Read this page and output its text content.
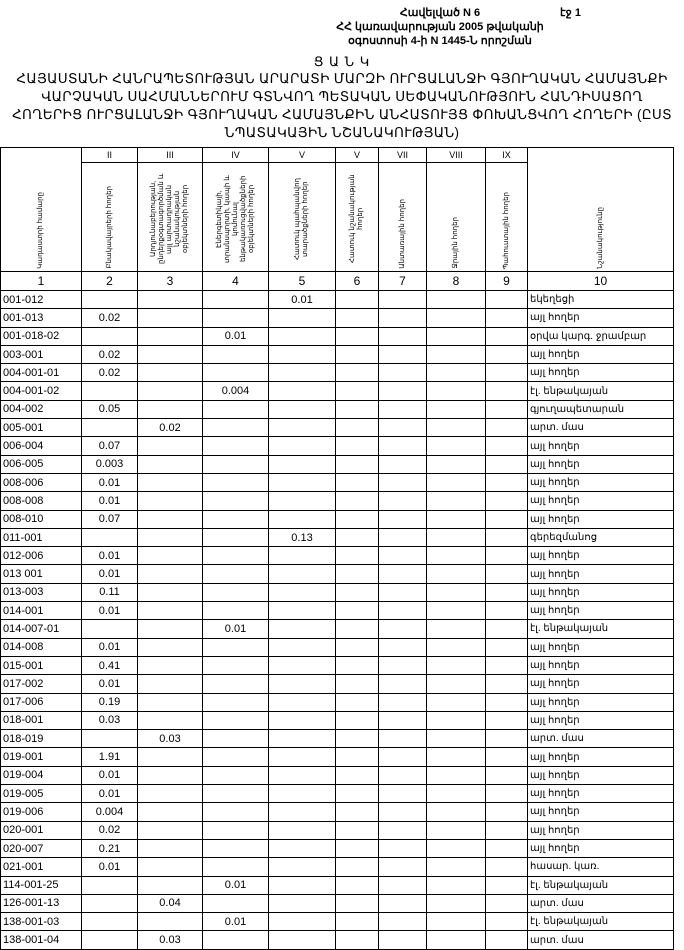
Հավելված N 6
ՀՀ կառավարության 2005 թվականի
օգոստոսի 4-ի N 1445-Ն որոշման
էջ 1
Ց Ա Ն Կ
ՀԱՅԱՍՏԱՆԻ ՀԱՆՐԱՊԵՏՈՒԹՅԱՆ ԱՐԱՐԱՏԻ ՄԱՐԶԻ ՈՒՐՑԱԼԱՆՋԻ ԳՅՈՒՂԱԿԱՆ ՀԱՄԱՅՆՔԻ ՎԱՐՉԱԿԱՆ ՍԱՀՄԱՆՆԵՐՈՒՄ ԳՏՆՎՈՂ ՊԵՏԱԿԱՆ ՍԵՓԱԿԱՆՈՒԹՅՈՒՆ ՀԱՆԴԻՍԱՑՈՂ ՀՈՂԵՐԻՑ ՈՒՐՑԱԼԱՆՋԻ ԳՅՈՒՂԱԿԱՆ ՀԱՄԱՅՆՔԻՆ ԱՆՀԱՏՈՒՅՑ ՓՈԽԱՆՑՎՈՂ ՀՈՂԵՐԻ (ԸՍՏ ՆՊԱՏԱԿԱՅԻՆ ՆՇԱՆԱԿՈՒԹՅԱՆ)
Կադաստրի համարը	II	III	IV	V	V	VII	VIII	IX	Նշանակությունը

	Բնակավայրերի հողեր	Արդյունաբերության, ընդերքօգտագործման և այլ արտադրական նշանակության օբյեկտների հողեր	Էներգետիկայի, տրանսպորտի, կապի և կոմունալ ենթակառուցվածքների օբյեկտների հողեր	Հատուկ պահպանվող տարածքների հողեր	Հատուկ նշանակության հողեր	Անտառային հողեր	Ջրային հողեր	Պահուստային հողեր	

1	2	3	4	5	6	7	8	9	10
001-012				0.01					եկեղեցի
001-013	0.02								այլ հողեր
001-018-02			0.01						օրվա կարգ. ջրամբար
003-001	0.02								այլ հողեր
004-001-01	0.02								այլ հողեր
004-001-02			0.004						էլ. ենթակայան
004-002	0.05								գյուղապետարան
005-001		0.02							արտ. մաս
006-004	0.07								այլ հողեր
006-005	0.003								այլ հողեր
008-006	0.01								այլ հողեր
008-008	0.01								այլ հողեր
008-010	0.07								այլ հողեր
011-001				0.13					գերեզմանոց
012-006	0.01								այլ հողեր
013 001	0.01								այլ հողեր
013-003	0.11								այլ հողեր
014-001	0.01								այլ հողեր
014-007-01			0.01						էլ. ենթակայան
014-008	0.01								այլ հողեր
015-001	0.41								այլ հողեր
017-002	0.01								այլ հողեր
017-006	0.19								այլ հողեր
018-001	0.03								այլ հողեր
018-019		0.03							արտ. մաս
019-001	1.91								այլ հողեր
019-004	0.01								այլ հողեր
019-005	0.01								այլ հողեր
019-006	0.004								այլ հողեր
020-001	0.02								այլ հողեր
020-007	0.21								այլ հողեր
021-001	0.01								հասար. կառ.
114-001-25			0.01						էլ. ենթակայան
126-001-13		0.04							արտ. մաս
138-001-03			0.01						էլ. ենթակայան
138-001-04		0.03							արտ. մաս
